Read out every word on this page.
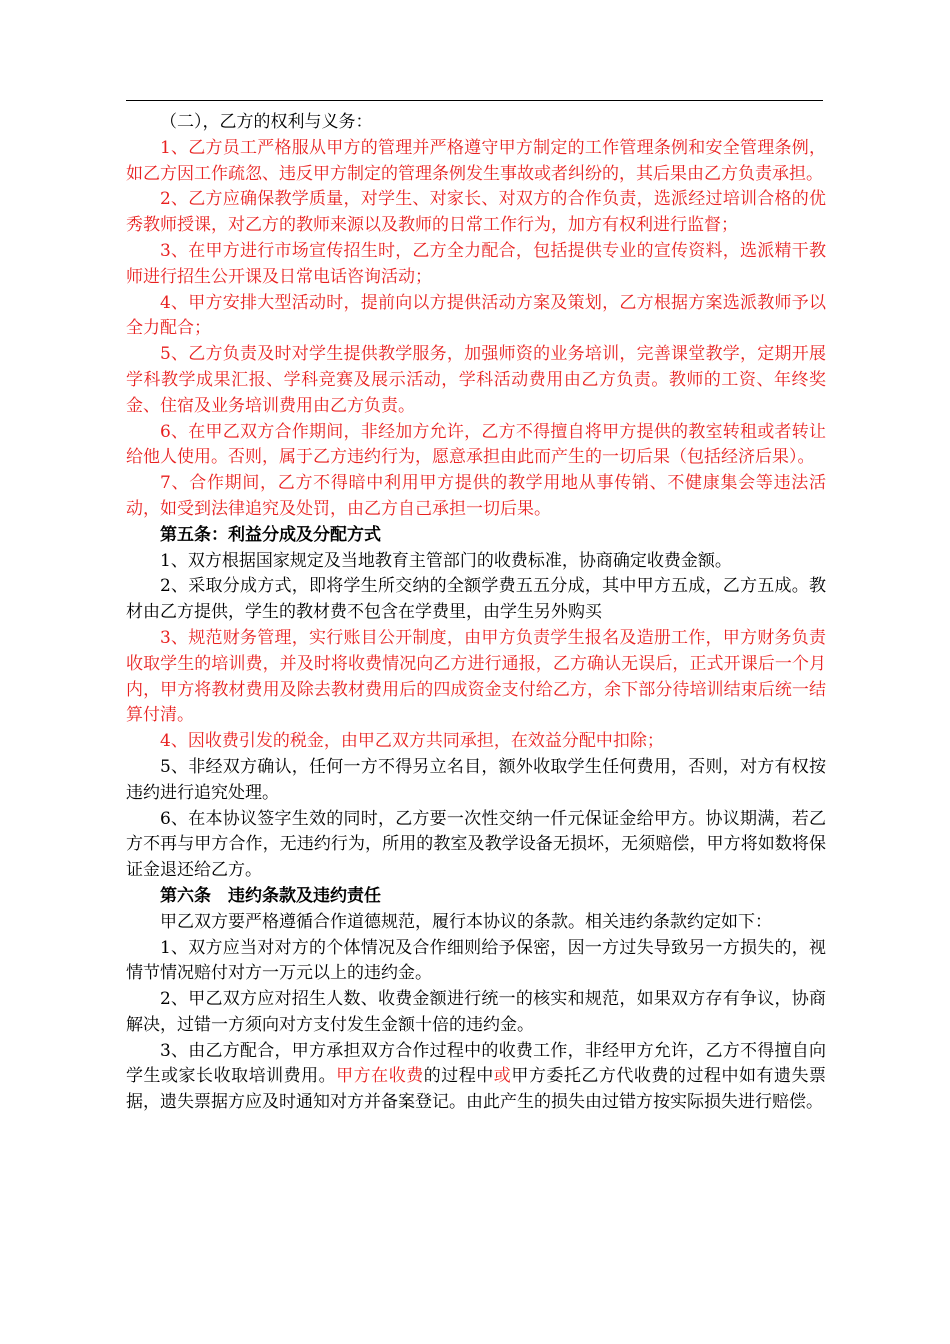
（二），乙方的权利与义务：

1、乙方员工严格服从甲方的管理并严格遵守甲方制定的工作管理条例和安全管理条例，如乙方因工作疏忽、违反甲方制定的管理条例发生事故或者纠纷的，其后果由乙方负责承担。

2、乙方应确保教学质量，对学生、对家长、对双方的合作负责，选派经过培训合格的优秀教师授课，对乙方的教师来源以及教师的日常工作行为，加方有权利进行监督；

3、在甲方进行市场宣传招生时，乙方全力配合，包括提供专业的宣传资料，选派精干教师进行招生公开课及日常电话咨询活动；

4、甲方安排大型活动时，提前向以方提供活动方案及策划，乙方根据方案选派教师予以全力配合；

5、乙方负责及时对学生提供教学服务，加强师资的业务培训，完善课堂教学，定期开展学科教学成果汇报、学科竞赛及展示活动，学科活动费用由乙方负责。教师的工资、年终奖金、住宿及业务培训费用由乙方负责。

6、在甲乙双方合作期间，非经加方允许，乙方不得擅自将甲方提供的教室转租或者转让给他人使用。否则，属于乙方违约行为，愿意承担由此而产生的一切后果（包括经济后果）。

7、合作期间，乙方不得暗中利用甲方提供的教学用地从事传销、不健康集会等违法活动，如受到法律追究及处罚，由乙方自己承担一切后果。

第五条：利益分成及分配方式

1、双方根据国家规定及当地教育主管部门的收费标准，协商确定收费金额。

2、采取分成方式，即将学生所交纳的全额学费五五分成，其中甲方五成，乙方五成。教材由乙方提供，学生的教材费不包含在学费里，由学生另外购买

3、规范财务管理，实行账目公开制度，由甲方负责学生报名及造册工作，甲方财务负责收取学生的培训费，并及时将收费情况向乙方进行通报，乙方确认无误后，正式开课后一个月内，甲方将教材费用及除去教材费用后的四成资金支付给乙方，余下部分待培训结束后统一结算付清。

4、因收费引发的税金，由甲乙双方共同承担，在效益分配中扣除；

5、非经双方确认，任何一方不得另立名目，额外收取学生任何费用，否则，对方有权按违约进行追究处理。

6、在本协议签字生效的同时，乙方要一次性交纳一仟元保证金给甲方。协议期满，若乙方不再与甲方合作，无违约行为，所用的教室及教学设备无损坏，无须赔偿，甲方将如数将保证金退还给乙方。

第六条　违约条款及违约责任

甲乙双方要严格遵循合作道德规范，履行本协议的条款。相关违约条款约定如下：

1、双方应当对对方的个体情况及合作细则给予保密，因一方过失导致另一方损失的，视情节情况赔付对方一万元以上的违约金。

2、甲乙双方应对招生人数、收费金额进行统一的核实和规范，如果双方存有争议，协商解决，过错一方须向对方支付发生金额十倍的违约金。

3、由乙方配合，甲方承担双方合作过程中的收费工作，非经甲方允许，乙方不得擅自向学生或家长收取培训费用。甲方在收费的过程中或甲方委托乙方代收费的过程中如有遗失票据，遗失票据方应及时通知对方并备案登记。由此产生的损失由过错方按实际损失进行赔偿。
